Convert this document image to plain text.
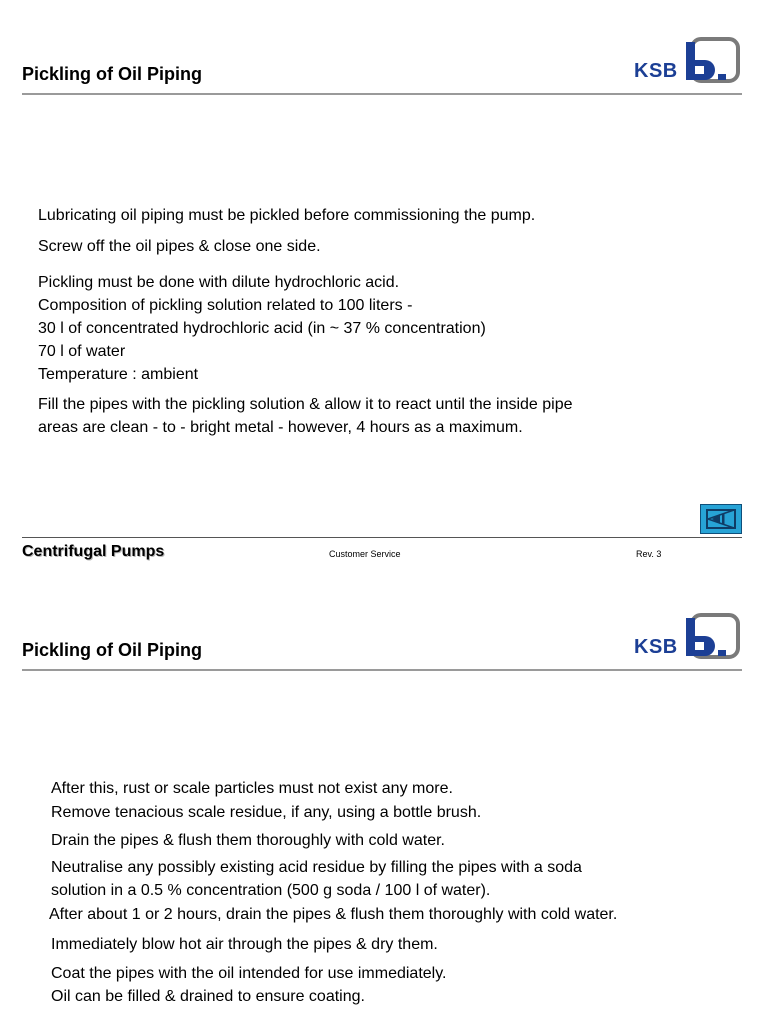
Pickling of Oil Piping	KSB

Lubricating oil piping must be pickled before commissioning the pump.

Screw off the oil pipes & close one side.

Pickling must be done with dilute hydrochloric acid.

Composition of pickling solution related to 100 liters -

30 l of concentrated hydrochloric acid (in ~ 37 % concentration)

70 l of water

Temperature : ambient

Fill the pipes with the pickling solution & allow it to react until the inside pipe

areas are clean - to - bright metal - however, 4 hours as a maximum.

Centrifugal Pumps	Customer Service	Rev. 3
Pickling of Oil Piping	KSB

After this, rust or scale particles must not exist any more.

Remove tenacious scale residue, if any, using a bottle brush.

Drain the pipes & flush them thoroughly with cold water.

Neutralise any possibly existing acid residue by filling the pipes with a soda

solution in a 0.5 % concentration (500 g soda / 100 l of water).

After about 1 or 2 hours, drain the pipes & flush them thoroughly with cold water.

Immediately blow hot air through the pipes & dry them.

Coat the pipes with the oil intended for use immediately.

Oil can be filled & drained to ensure coating.
